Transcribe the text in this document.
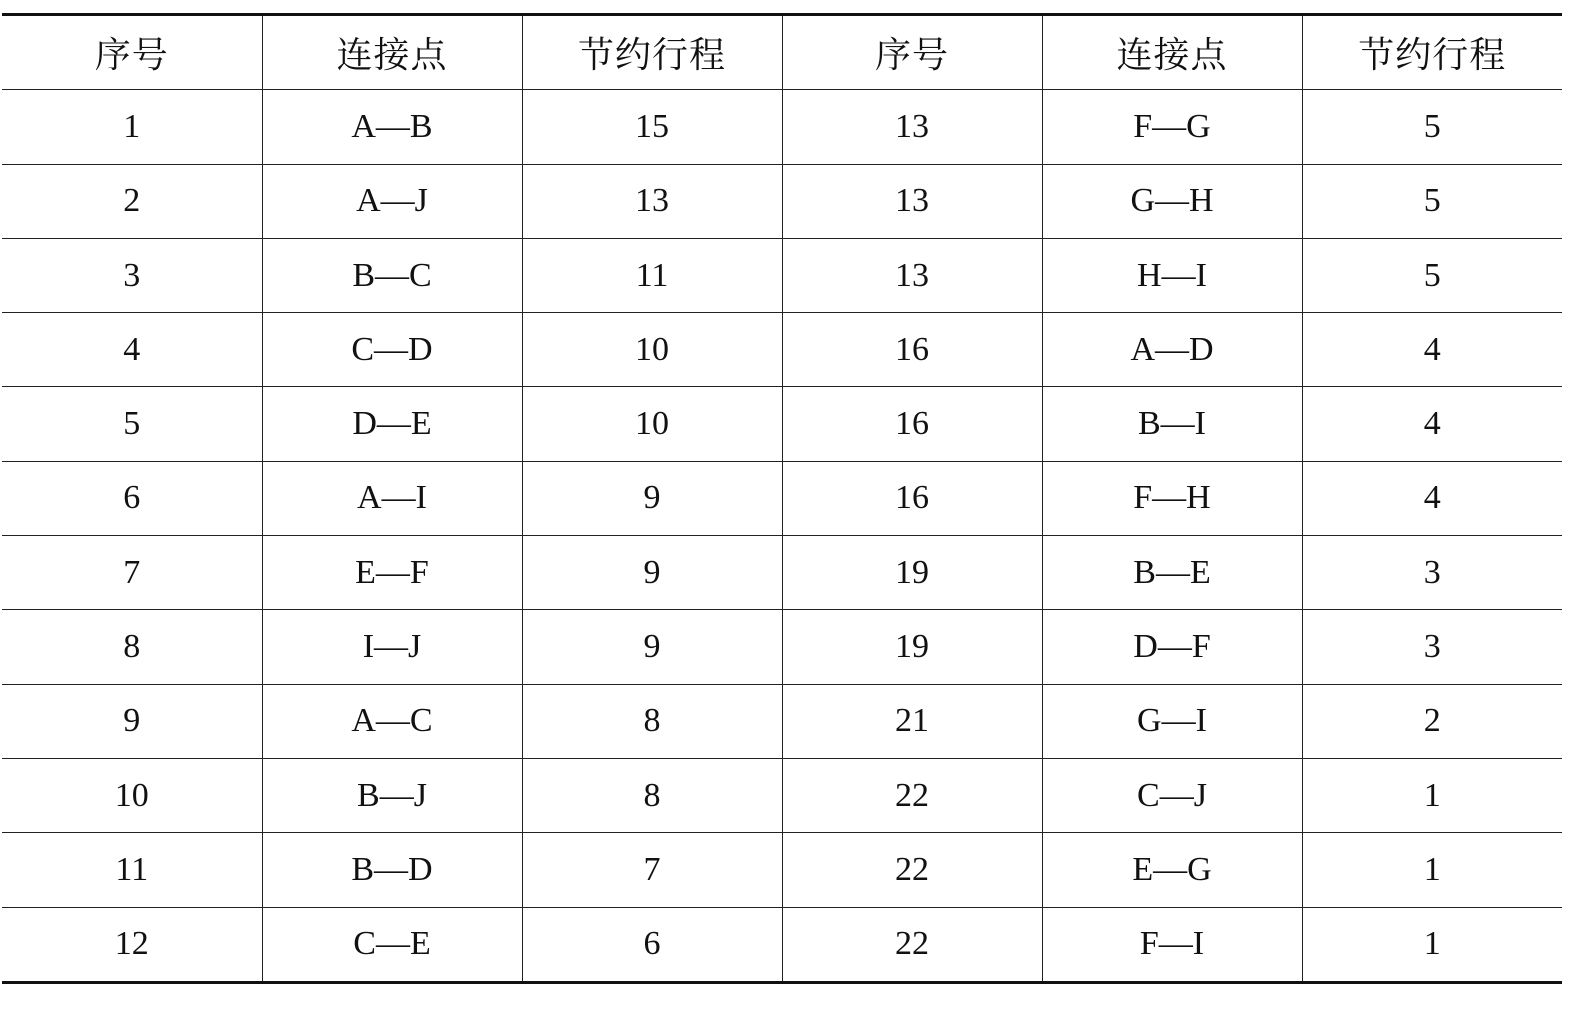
序号	连接点	节约行程	序号	连接点	节约行程
1	A—B	15	13	F—G	5
2	A—J	13	13	G—H	5
3	B—C	11	13	H—I	5
4	C—D	10	16	A—D	4
5	D—E	10	16	B—I	4
6	A—I	9	16	F—H	4
7	E—F	9	19	B—E	3
8	I—J	9	19	D—F	3
9	A—C	8	21	G—I	2
10	B—J	8	22	C—J	1
11	B—D	7	22	E—G	1
12	C—E	6	22	F—I	1
